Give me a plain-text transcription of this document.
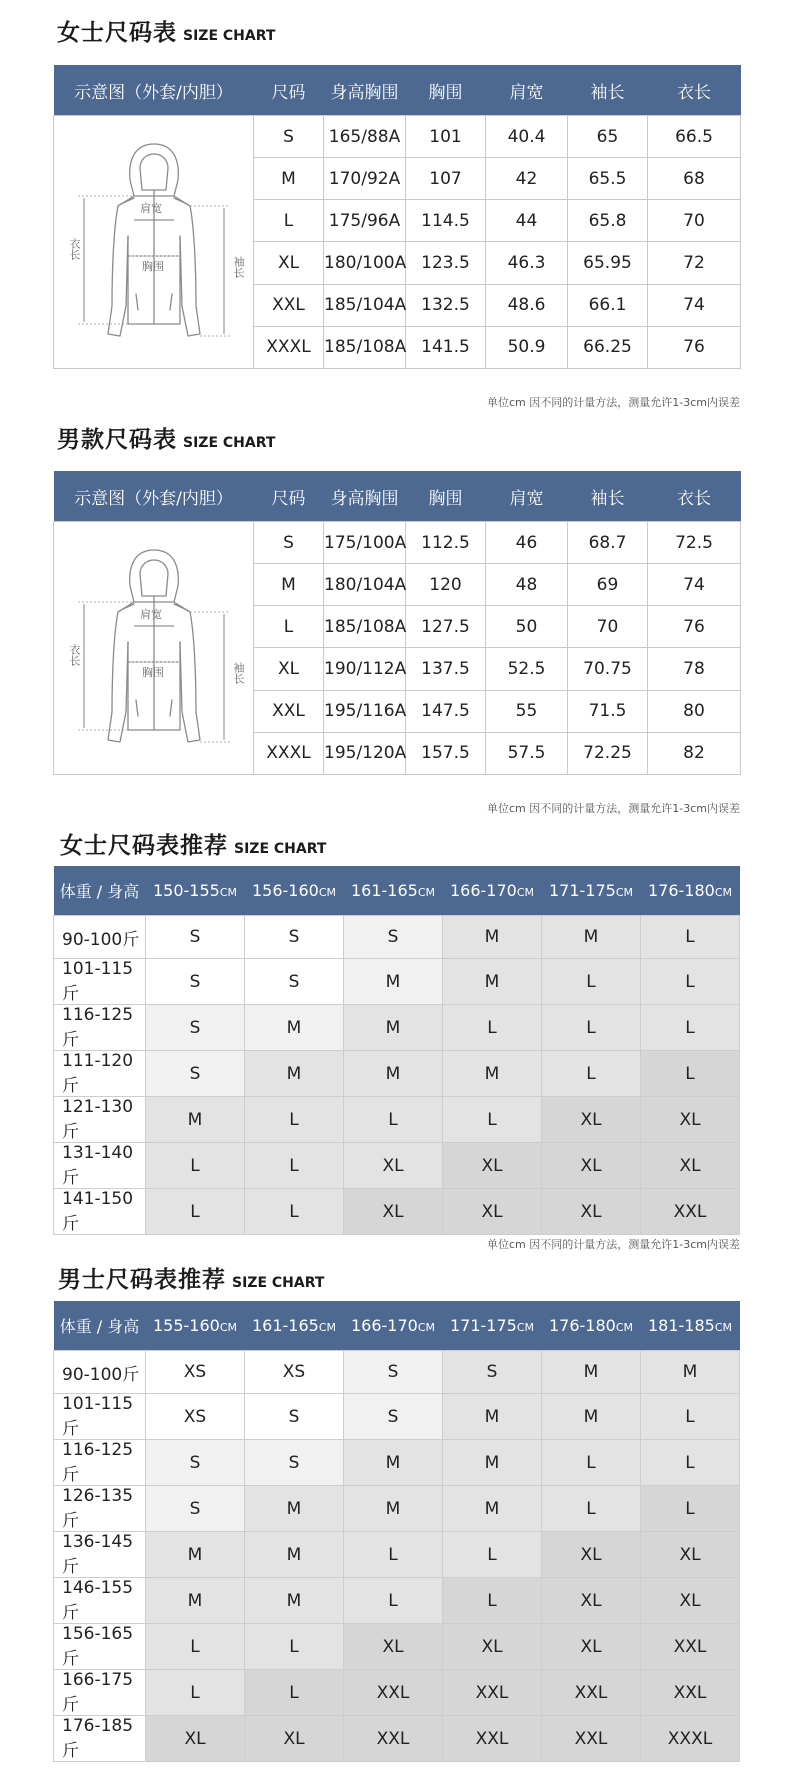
女士尺码表 SIZE CHART
示意图（外套/内胆）	尺码	身高胸围	胸围	肩宽	袖长	衣长

衣长
肩宽
胸围 袖长	S	165/88A	101	40.4	65	66.5
	M	170/92A	107	42	65.5	68
	L	175/96A	114.5	44	65.8	70
	XL	180/100A	123.5	46.3	65.95	72
	XXL	185/104A	132.5	48.6	66.1	74
	XXXL	185/108A	141.5	50.9	66.25	76
单位cm 因不同的计量方法，测量允许1-3cm内误差
男款尺码表 SIZE CHART
示意图（外套/内胆）	尺码	身高胸围	胸围	肩宽	袖长	衣长

衣长
肩宽
胸围 袖长	S	175/100A	112.5	46	68.7	72.5
	M	180/104A	120	48	69	74
	L	185/108A	127.5	50	70	76
	XL	190/112A	137.5	52.5	70.75	78
	XXL	195/116A	147.5	55	71.5	80
	XXXL	195/120A	157.5	57.5	72.25	82
单位cm 因不同的计量方法，测量允许1-3cm内误差
女士尺码表推荐 SIZE CHART
体重 / 身高	150-155CM	156-160CM	161-165CM	166-170CM	171-175CM	176-180CM
90-100斤	S	S	S	M	M	L
101-115斤	S	S	M	M	L	L
116-125斤	S	M	M	L	L	L
111-120斤	S	M	M	M	L	L
121-130斤	M	L	L	L	XL	XL
131-140斤	L	L	XL	XL	XL	XL
141-150斤	L	L	XL	XL	XL	XXL
单位cm 因不同的计量方法，测量允许1-3cm内误差
男士尺码表推荐 SIZE CHART
体重 / 身高	155-160CM	161-165CM	166-170CM	171-175CM	176-180CM	181-185CM
90-100斤	XS	XS	S	S	M	M
101-115斤	XS	S	S	M	M	L
116-125斤	S	S	M	M	L	L
126-135斤	S	M	M	M	L	L
136-145斤	M	M	L	L	XL	XL
146-155斤	M	M	L	L	XL	XL
156-165斤	L	L	XL	XL	XL	XXL
166-175斤	L	L	XXL	XXL	XXL	XXL
176-185斤	XL	XL	XXL	XXL	XXL	XXXL
